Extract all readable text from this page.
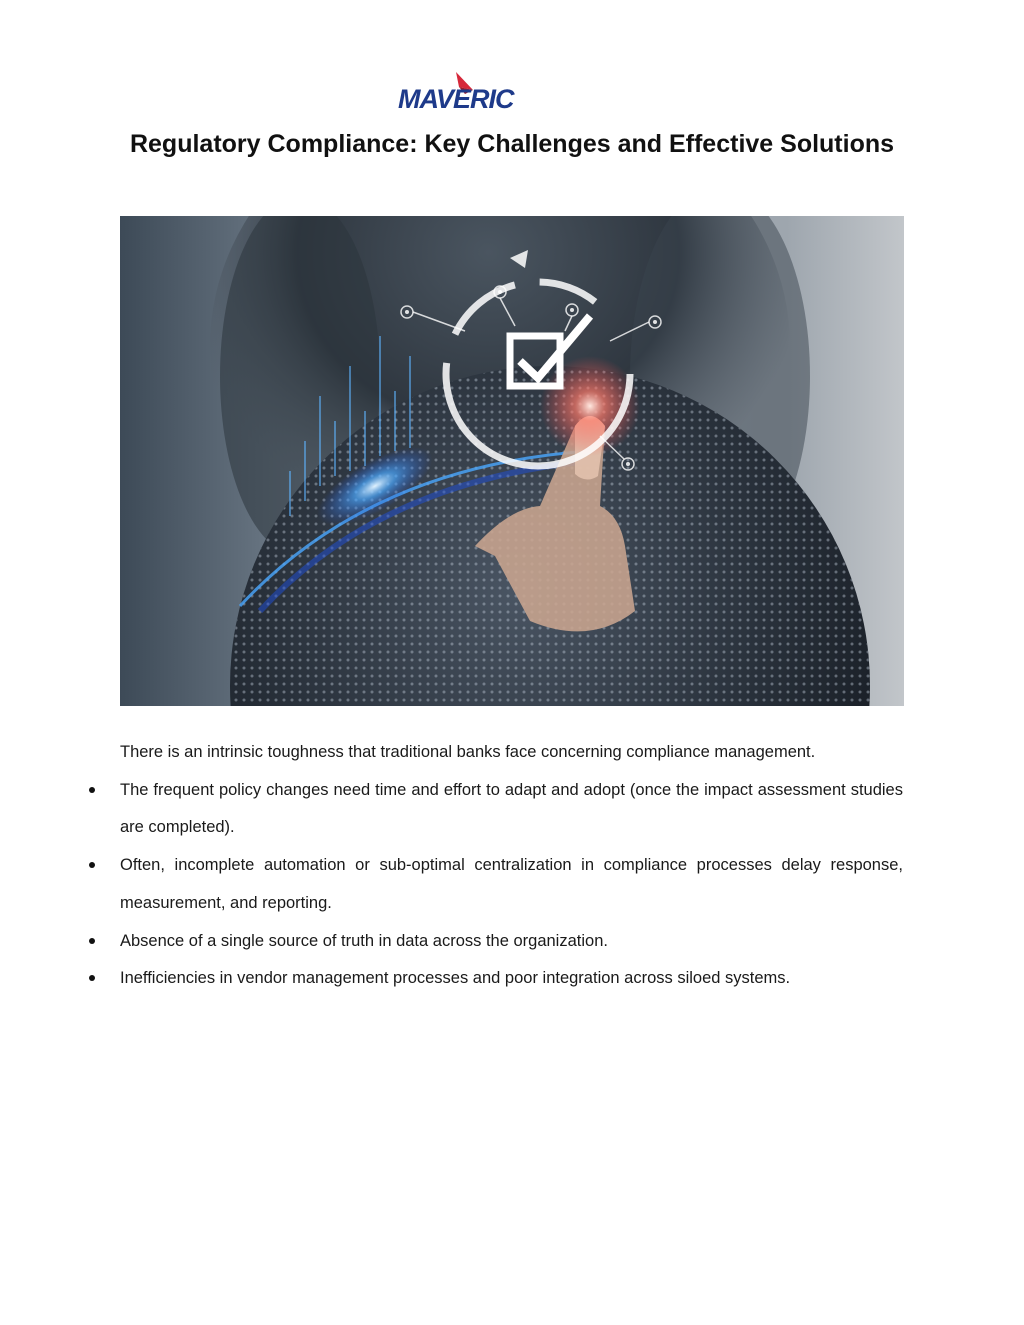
MAVERIC
Regulatory Compliance: Key Challenges and Effective Solutions

There is an intrinsic toughness that traditional banks face concerning compliance management.

The frequent policy changes need time and effort to adapt and adopt (once the impact assessment studies are completed).
Often, incomplete automation or sub-optimal centralization in compliance processes delay response, measurement, and reporting.
Absence of a single source of truth in data across the organization.
Inefficiencies in vendor management processes and poor integration across siloed systems.
